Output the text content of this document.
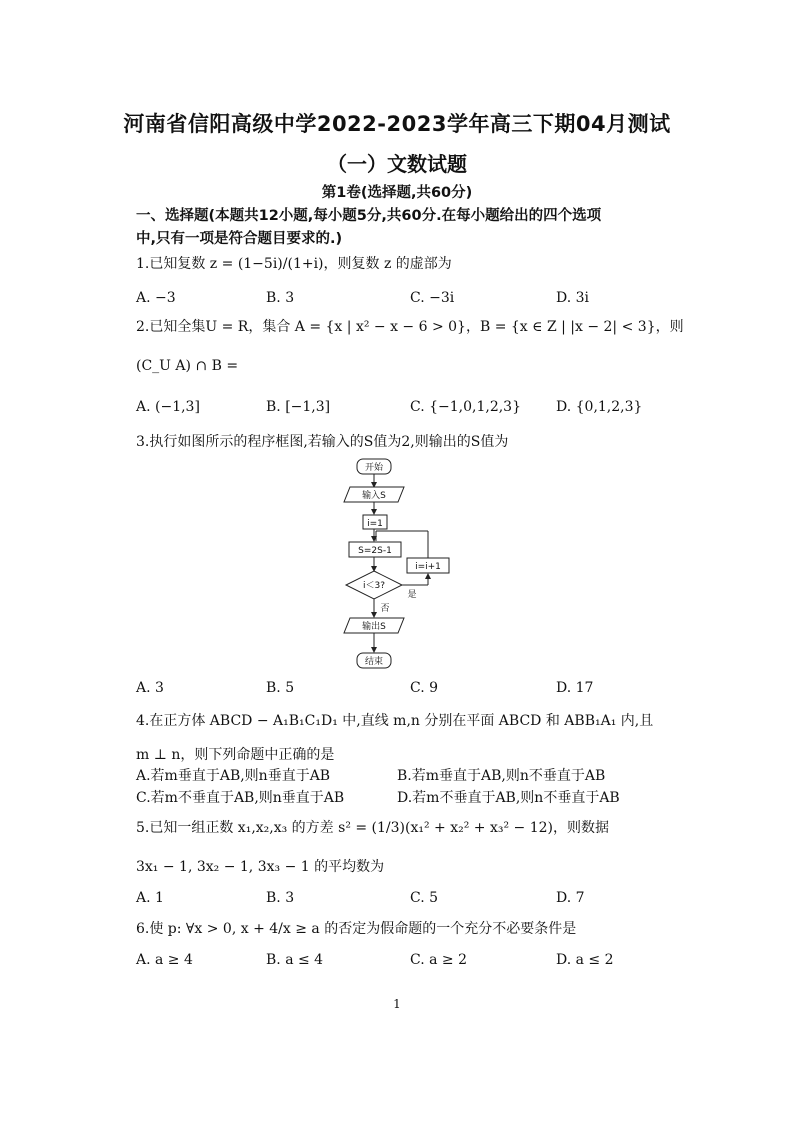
河南省信阳高级中学2022-2023学年高三下期04月测试
（一）文数试题
第1卷(选择题,共60分)
一、选择题(本题共12小题,每小题5分,共60分.在每小题给出的四个选项
中,只有一项是符合题目要求的.)
1.已知复数 z = (1−5i)/(1+i)，则复数 z 的虚部为
A. −3	B. 3	C. −3i	D. 3i
2.已知全集U = R，集合 A = {x | x² − x − 6 > 0}，B = {x ∈ Z | |x − 2| < 3}，则
(C_U A) ∩ B =
A. (−1,3]	B. [−1,3]	C. {−1,0,1,2,3}	D. {0,1,2,3}
3.执行如图所示的程序框图,若输入的S值为2,则输出的S值为
开始
输入S
i=1
S=2S-1
i＜3?
i=i+1
是
否
输出S
结束
A. 3	B. 5	C. 9	D. 17
4.在正方体 ABCD − A₁B₁C₁D₁ 中,直线 m,n 分别在平面 ABCD 和 ABB₁A₁ 内,且
m ⊥ n，则下列命题中正确的是
A.若m垂直于AB,则n垂直于AB	B.若m垂直于AB,则n不垂直于AB
C.若m不垂直于AB,则n垂直于AB	D.若m不垂直于AB,则n不垂直于AB
5.已知一组正数 x₁,x₂,x₃ 的方差 s² = (1/3)(x₁² + x₂² + x₃² − 12)，则数据
3x₁ − 1, 3x₂ − 1, 3x₃ − 1 的平均数为
A. 1	B. 3	C. 5	D. 7
6.使 p: ∀x > 0, x + 4/x ≥ a 的否定为假命题的一个充分不必要条件是
A. a ≥ 4	B. a ≤ 4	C. a ≥ 2	D. a ≤ 2
1
